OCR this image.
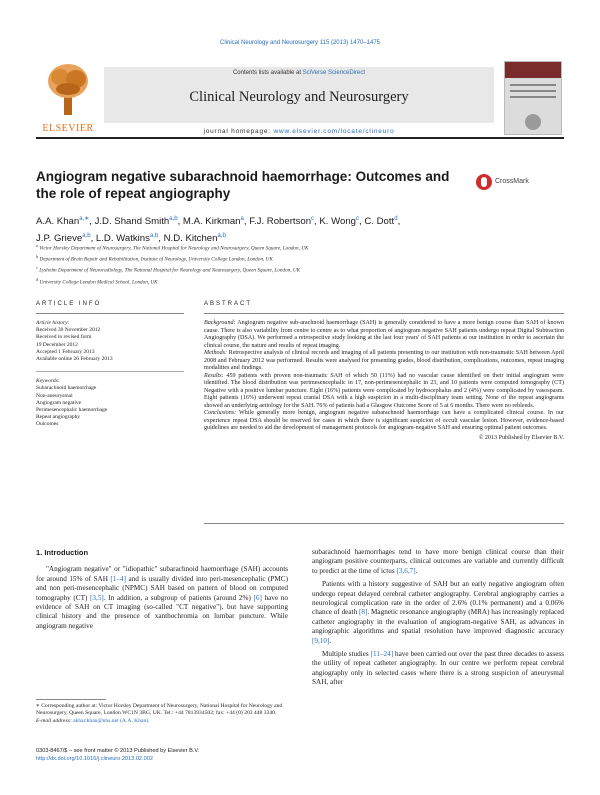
Clinical Neurology and Neurosurgery 115 (2013) 1470–1475
ELSEVIER
Contents lists available at SciVerse ScienceDirect
Clinical Neurology and Neurosurgery
journal homepage: www.elsevier.com/locate/clineuro
Angiogram negative subarachnoid haemorrhage: Outcomes and the role of repeat angiography
CrossMark
A.A. Khan$^{a,∗}$, J.D. Shand Smith$^{a,b}$, M.A. Kirkman$^a$, F.J. Robertson$^c$, K. Wong$^c$, C. Dott$^d$,
J.P. Grieve$^{a,b}$, L.D. Watkins$^{a,b}$, N.D. Kitchen$^{a,b}$
$^a$ Victor Horsley Department of Neurosurgery, The National Hospital for Neurology and Neurosurgery, Queen Square, London, UK
$^b$ Department of Brain Repair and Rehabilitation, Institute of Neurology, University College London, London, UK
$^c$ Lysholm Department of Neuroradiology, The National Hospital for Neurology and Neurosurgery, Queen Square, London, UK
$^d$ University College London Medical School, London, UK
ARTICLE INFO	ABSTRACT
Article history:
Received 30 November 2012
Received in revised form
19 December 2012
Accepted 1 February 2013
Available online 26 February 2013
Keywords:
Subarachnoid haemorrhage
Non-aneurysmal
Angiogram negative
Perimesencephalic haemorrhage
Repeat angiography
Outcomes

Background: Angiogram negative sub-arachnoid haemorrhage (SAH) is generally considered to have a more benign course than SAH of known cause. There is also variability from centre to centre as to what proportion of angiogram negative SAH patients undergo repeat Digital Subtraction Angiography (DSA). We performed a retrospective study looking at the last four years' of SAH patients at our institution in order to ascertain the clinical course, the nature and results of repeat imaging.

Methods: Retrospective analysis of clinical records and imaging of all patients presenting to our institution with non-traumatic SAH between April 2008 and February 2012 was performed. Results were analysed for presenting grades, blood distribution, complications, outcomes, repeat imaging modalities and findings.

Results: 459 patients with proven non-traumatic SAH of which 50 (11%) had no vascular cause identified on their initial angiogram were identified. The blood distribution was perimesencephalic in 17, non-perimesencephalic in 23, and 10 patients were computed tomography (CT) Negative with a positive lumbar puncture. Eight (16%) patients were complicated by hydrocephalus and 2 (4%) were complicated by vasospasm. Eight patients (16%) underwent repeat cranial DSA with a high suspicion in a multi-disciplinary team setting. None of the repeat angiograms showed an underlying aetiology for the SAH. 76% of patients had a Glasgow Outcome Score of 5 at 6 months. There were no rebleeds.

Conclusions: While generally more benign, angiogram negative subarachnoid haemorrhage can have a complicated clinical course. In our experience repeat DSA should be reserved for cases in which there is significant suspicion of occult vascular lesion. However, evidence-based guidelines are needed to aid the development of management protocols for angiogram-negative SAH and ensuring optimal patient outcomes.

© 2013 Published by Elsevier B.V.
1. Introduction

"Angiogram negative" or "idiopathic" subarachnoid haemorrhage (SAH) accounts for around 15% of SAH [1–4] and is usually divided into peri-mesencephalic (PMC) and non peri-mesencephalic (NPMC) SAH based on pattern of blood on computed tomography (CT) [3,5]. In addition, a subgroup of patients (around 2%) [6] have no evidence of SAH on CT imaging (so-called "CT negative"), but have supporting clinical history and the presence of xanthochromia on lumbar puncture. While angiogram negative

subarachnoid haemorrhages tend to have more benign clinical course than their angiogram positive counterparts, clinical outcomes are variable and currently difficult to predict at the time of ictus [3,6,7].

Patients with a history suggestive of SAH but an early negative angiogram often undergo repeat delayed cerebral catheter angiography. Cerebral angiography carries a neurological complication rate in the order of 2.6% (0.1% permanent) and a 0.06% chance of death [8]. Magnetic resonance angiography (MRA) has increasingly replaced catheter angiography in the evaluation of angiogram-negative SAH, as advances in angiographic algorithms and spatial resolution have improved diagnostic accuracy [9,10].

Multiple studies [11–24] have been carried out over the past three decades to assess the utility of repeat catheter angiography. In our centre we perform repeat cerebral angiography only in selected cases where there is a strong suspicion of aneurysmal SAH, after

∗ Corresponding author at: Victor Horsley Department of Neurosurgery, National Hospital for Neurology and Neurosurgery, Queen Square, London WC1N 3BG, UK. Tel.: +44 7813934502; fax: +44 (0) 203 448 3340.
E-mail address: akhar.khan@nhs.net (A.A. Khan).
0303-8467/$ – see front matter © 2013 Published by Elsevier B.V.
http://dx.doi.org/10.1016/j.clineuro.2013.02.002
